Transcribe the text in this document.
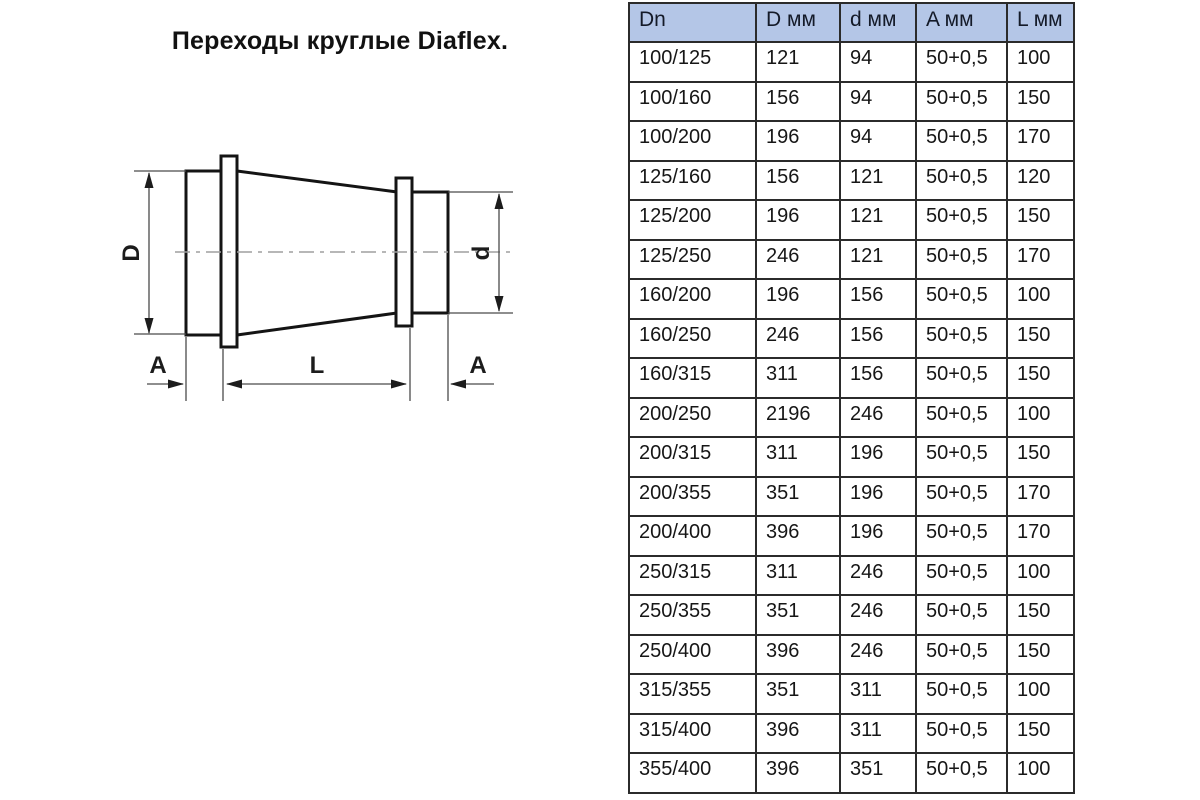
Переходы круглые Diaflex.
D	d
A	L	A
Dn	D мм	d мм	A мм	L мм
100/125	121	94	50+0,5	100
100/160	156	94	50+0,5	150
100/200	196	94	50+0,5	170
125/160	156	121	50+0,5	120
125/200	196	121	50+0,5	150
125/250	246	121	50+0,5	170
160/200	196	156	50+0,5	100
160/250	246	156	50+0,5	150
160/315	311	156	50+0,5	150
200/250	2196	246	50+0,5	100
200/315	311	196	50+0,5	150
200/355	351	196	50+0,5	170
200/400	396	196	50+0,5	170
250/315	311	246	50+0,5	100
250/355	351	246	50+0,5	150
250/400	396	246	50+0,5	150
315/355	351	311	50+0,5	100
315/400	396	311	50+0,5	150
355/400	396	351	50+0,5	100
